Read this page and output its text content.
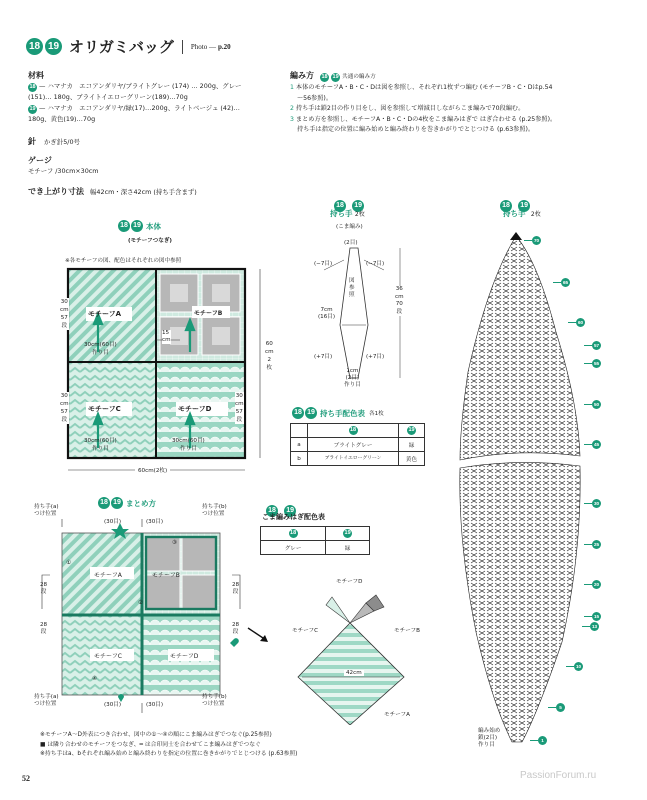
18 19 オリガミバッグ Photo — p.20
材料
18 — ハマナカ　エコアンダリヤ/ブライトグレー (174) … 200g、グレー
(151)… 180g、ブライトイエローグリーン(189)…70g
19 — ハマナカ　エコアンダリヤ/緑(17)…200g、ライトベージュ (42)…
180g、黄色(19)…70g
針 かぎ針5/0号
ゲージ
モチーフ /30cm×30cm
でき上がり寸法 幅42cm・深さ42cm (持ち手含まず)
編み方 18 19 共通の編み方
1 本体のモチーフA・B・C・Dは図を参照し、それぞれ1枚ずつ編む (モチーフB・C・Dはp.54
〜56参照)。
2 持ち手は鎖2目の作り目をし、図を参照して増減目しながらこま編みで70段編む。
3 まとめ方を参照し、モチーフA・B・C・Dの4枚をこま編みはぎで はぎ合わせる (p.25参照)。
持ち手は指定の位置に編み始めと編み終わりを巻きかがりでとじつける (p.63参照)。
18 19 本体
(モチーフつなぎ)
※各モチーフの図、配色はそれぞれの図中参照
モチーフA	モチーフB
モチーフC	モチーフD
30cm(60目)
作り目
30cm(60目)
作り目
30cm(60目)
作り目
30
cm
57
段
30
cm
57
段
30
cm
57
段
15
cm
60
cm
2
枚
60cm(2枚)
18 19
持ち手 2枚
(こま編み)
(2目)
(−7目)	(−7目)
(+7目)	(+7目)
図
参
照
7cm
(16目)
36
cm
70
段
1cm
(2目)
作り目
18 19 持ち手配色表 各1枚
	18	19
a	ブライトグレー	緑
b	ブライトイエローグリーン	黄色
18 19 まとめ方
持ち手(a)
つけ位置
持ち手(b)
つけ位置
持ち手(a)
つけ位置
持ち手(b)
つけ位置
(30目)	(30目)
(30目)	(30目)
28
段
28
段
28
段
28
段
モチーフA	モチーフB
モチーフC	モチーフD
①
②
③
④
18 19
こま編みはぎ配色表
18	19
グレー	緑
モチーフD
モチーフC	モチーフB
モチーフA
42cm
18 19
持ち手 2枚
70
65
60
57
55
50
45
30
25
20
15
13
10
5
1
編み始め
鎖(2目)
作り目
※モチーフA〜D外表につき合わせ、図中の①〜④の順にこま編みはぎでつなぐ(p.25参照)
■ は隣り合わせのモチーフをつなぎ、━ は合印同士を合わせてこま編みはぎでつなぐ
※持ち手はa、bそれぞれ編み始めと編み終わりを指定の位置に巻きかがりでとじつける (p.63参照)
52	PassionForum.ru
